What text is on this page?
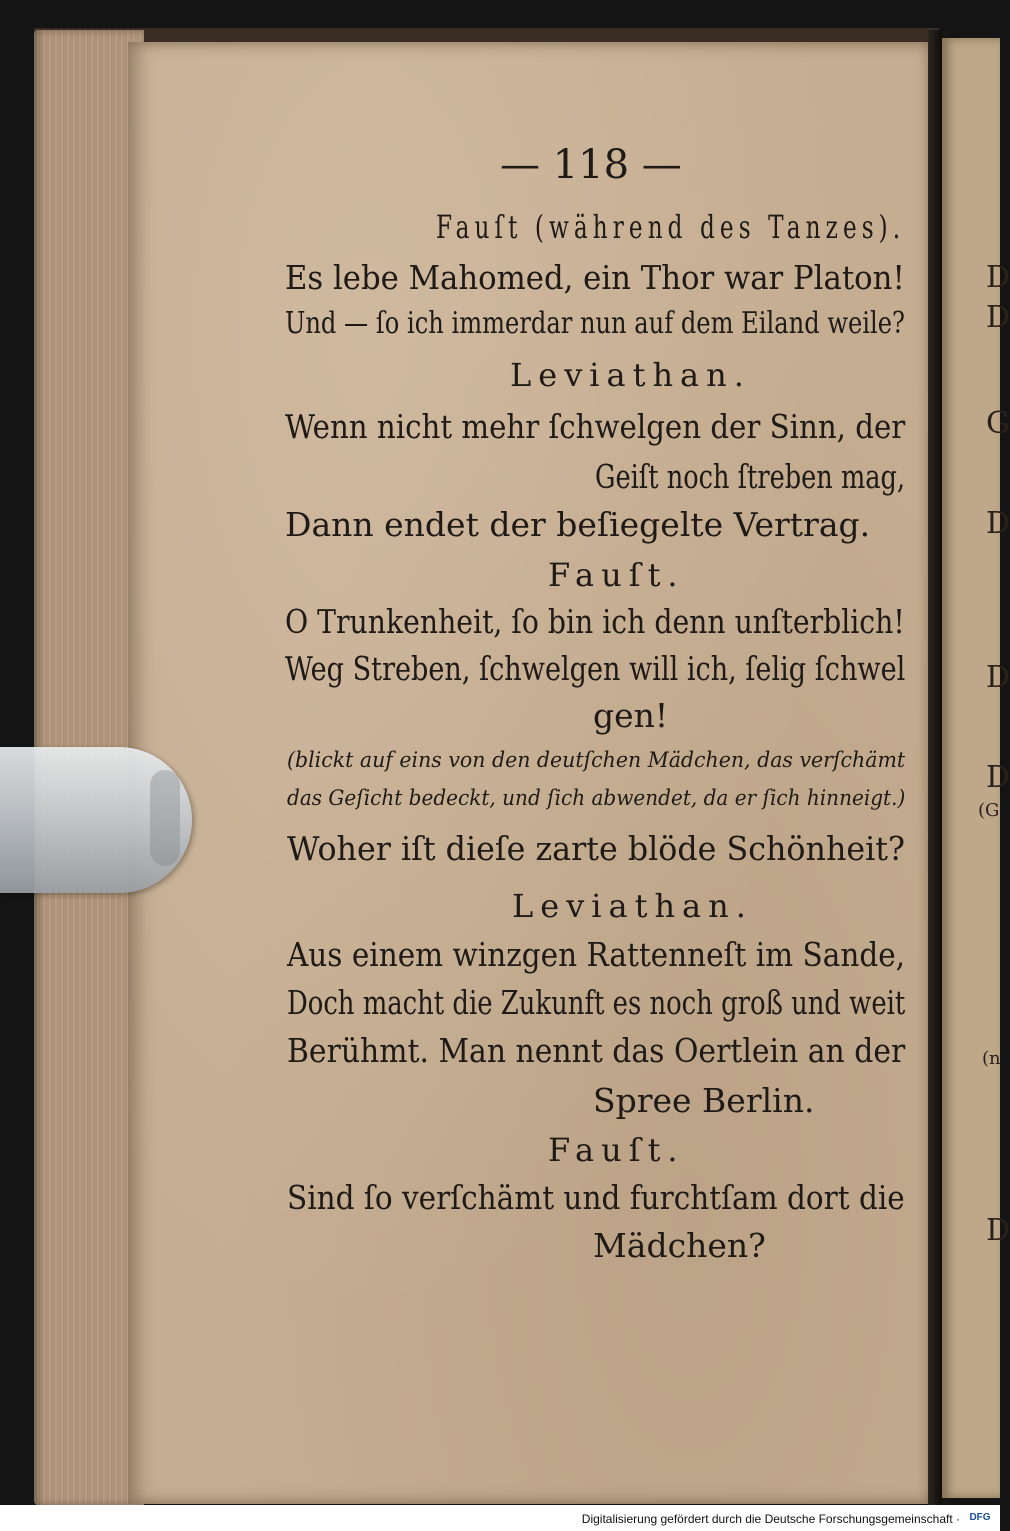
D
D
G
D
D
D
(G
(n
D
— 118 —
Fauſt (während des Tanzes).
Es lebe Mahomed, ein Thor war Platon!
Und — ſo ich immerdar nun auf dem Eiland weile?
Leviathan.
Wenn nicht mehr ſchwelgen der Sinn, der
Geiſt noch ſtreben mag,
Dann endet der beſiegelte Vertrag.
Fauſt.
O Trunkenheit, ſo bin ich denn unſterblich!
Weg Streben, ſchwelgen will ich, ſelig ſchwel
gen!
(blickt auf eins von den deutſchen Mädchen, das verſchämt
das Geſicht bedeckt, und ſich abwendet, da er ſich hinneigt.)
Woher iſt dieſe zarte blöde Schönheit?
Leviathan.
Aus einem winzgen Rattenneſt im Sande,
Doch macht die Zukunft es noch groß und weit
Berühmt. Man nennt das Oertlein an der
Spree Berlin.
Fauſt.
Sind ſo verſchämt und furchtſam dort die
Mädchen?
Digitalisierung gefördert durch die Deutsche Forschungsgemeinschaft · DFG
